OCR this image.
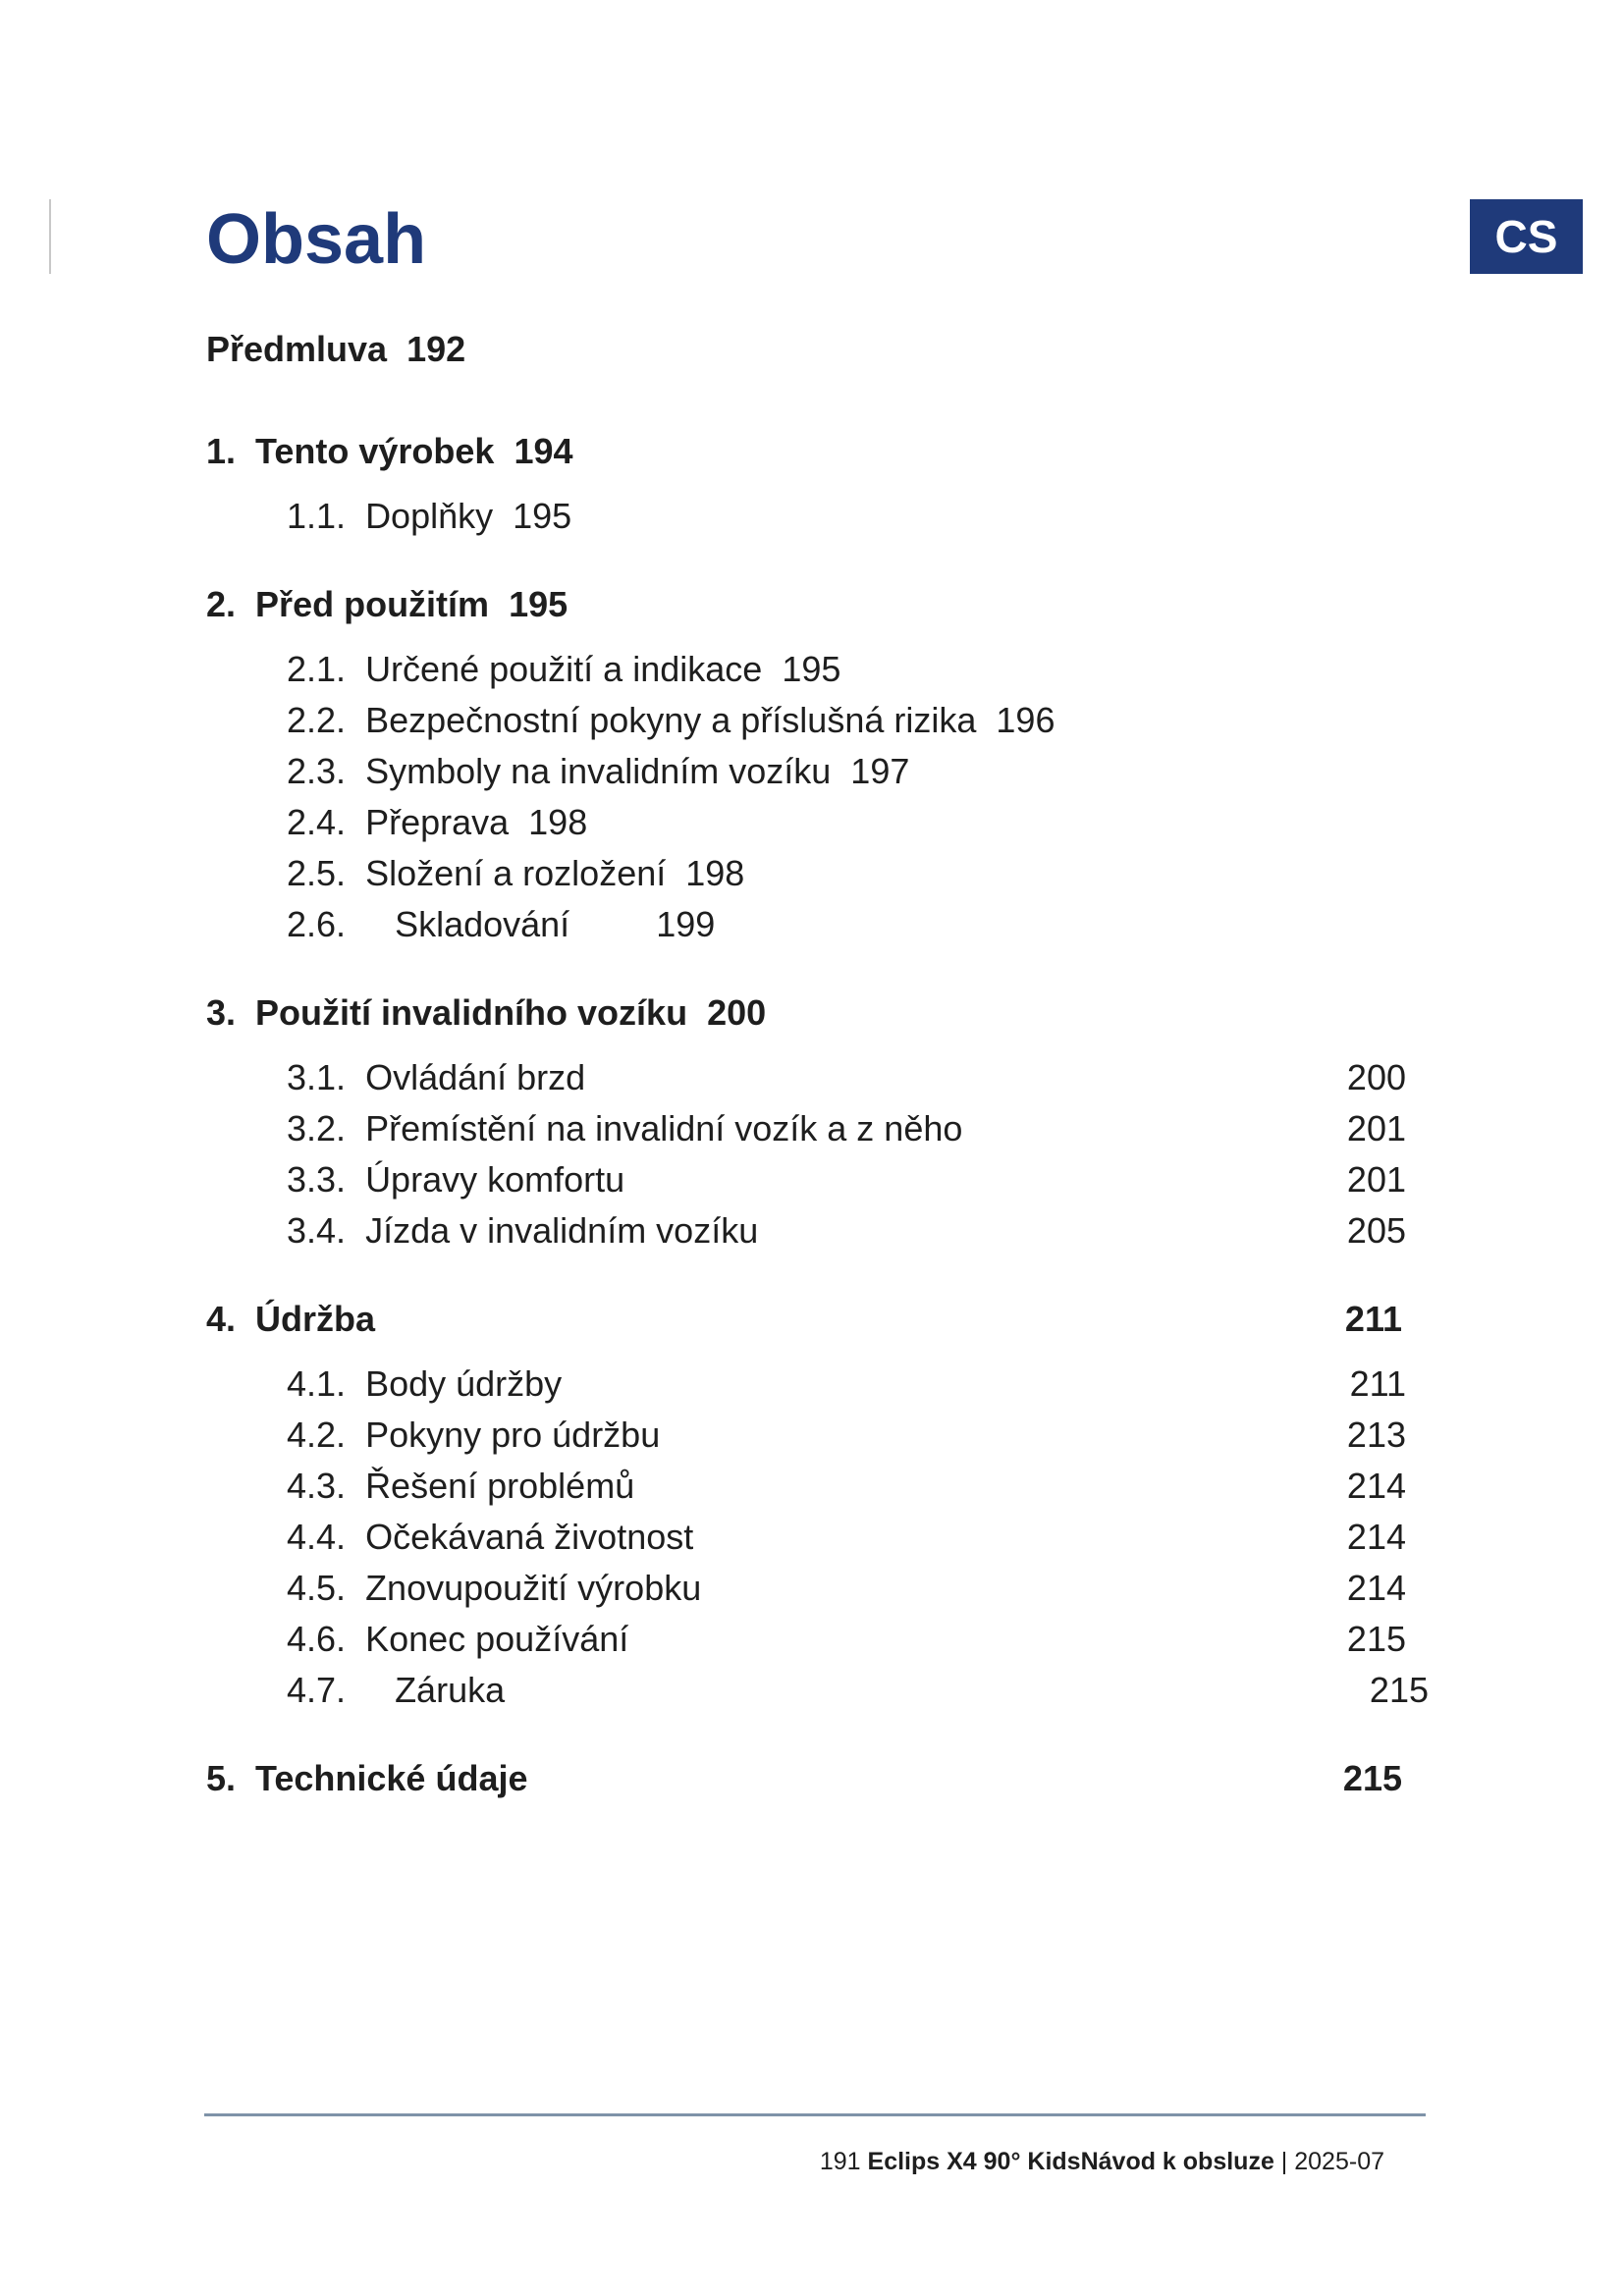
Obsah	CS
Předmluva 192
1. Tento výrobek 194
1.1. Doplňky 195
2. Před použitím 195
2.1. Určené použití a indikace 195
2.2. Bezpečnostní pokyny a příslušná rizika 196
2.3. Symboly na invalidním vozíku 197
2.4. Přeprava 198
2.5. Složení a rozložení 198
2.6. Skladování 199
3. Použití invalidního vozíku 200
3.1. Ovládání brzd	200
3.2. Přemístění na invalidní vozík a z něho	201
3.3. Úpravy komfortu	201
3.4. Jízda v invalidním vozíku	205
4. Údržba	211
4.1. Body údržby	211
4.2. Pokyny pro údržbu	213
4.3. Řešení problémů	214
4.4. Očekávaná životnost	214
4.5. Znovupoužití výrobku	214
4.6. Konec používání	215
4.7. Záruka	215
5. Technické údaje	215
191 Eclips X4 90° KidsNávod k obsluze | 2025-07
